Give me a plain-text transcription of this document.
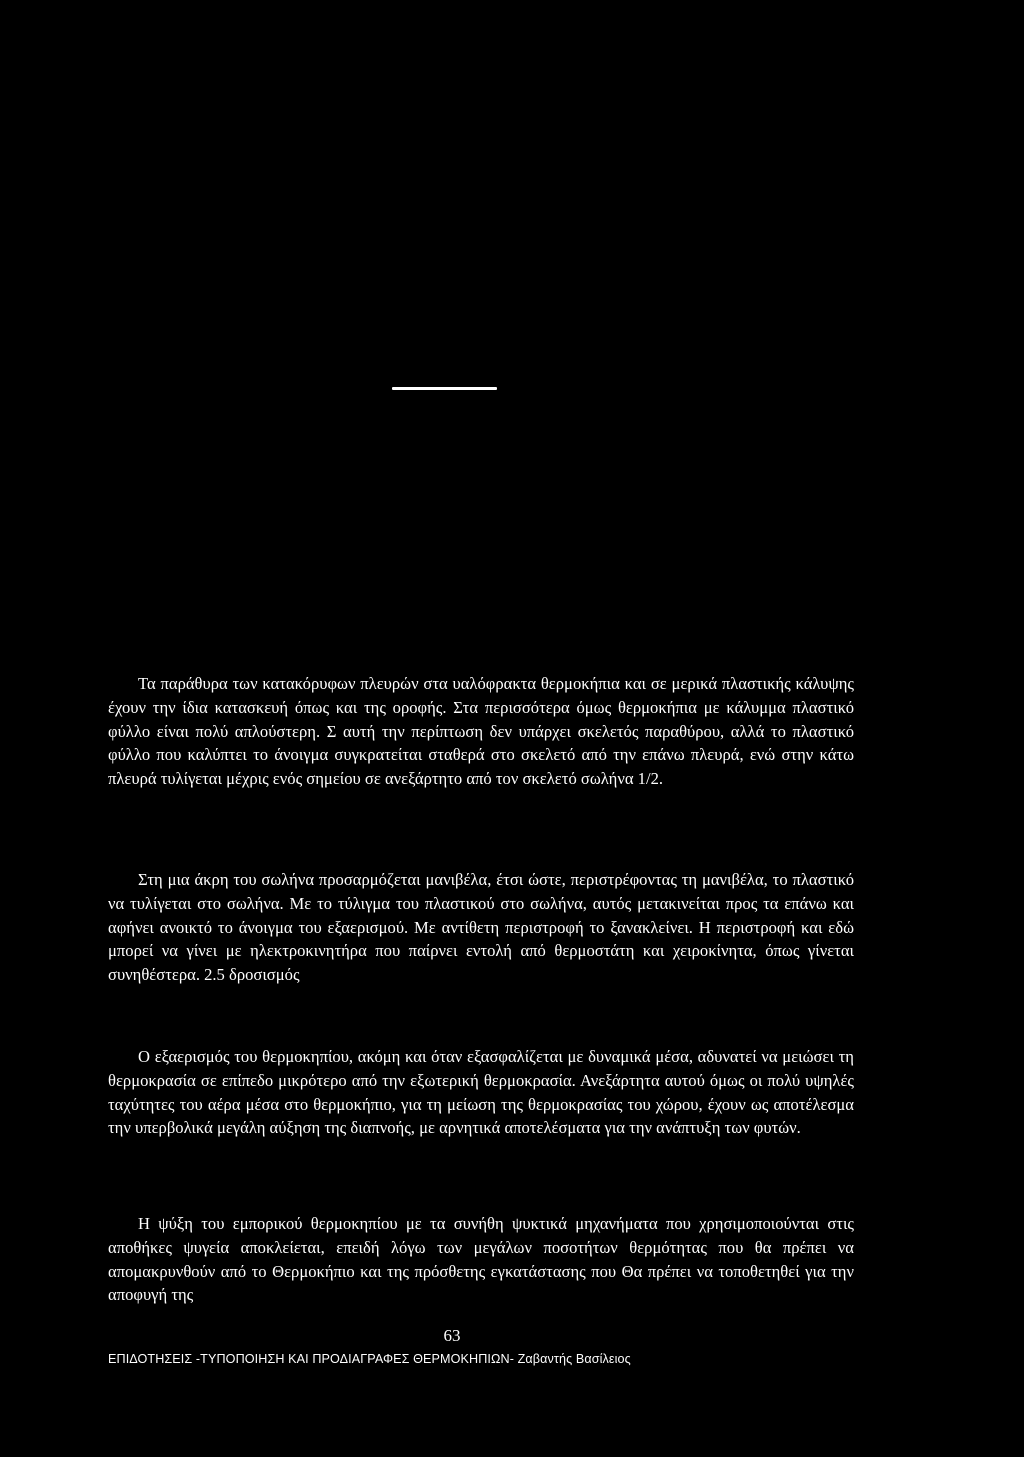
Τα παράθυρα των κατακόρυφων πλευρών στα υαλόφρακτα θερμοκήπια και σε μερικά πλαστικής κάλυψης έχουν την ίδια κατασκευή όπως και της οροφής. Στα περισσότερα όμως θερμοκήπια με κάλυμμα πλαστικό φύλλο είναι πολύ απλούστερη. Σ αυτή την περίπτωση δεν υπάρχει σκελετός παραθύρου, αλλά το πλαστικό φύλλο που καλύπτει το άνοιγμα συγκρατείται σταθερά στο σκελετό από την επάνω πλευρά, ενώ στην κάτω πλευρά τυλίγεται μέχρις ενός σημείου σε ανεξάρτητο από τον σκελετό σωλήνα 1/2.

Στη μια άκρη του σωλήνα προσαρμόζεται μανιβέλα, έτσι ώστε, περιστρέφοντας τη μανιβέλα, το πλαστικό να τυλίγεται στο σωλήνα. Με το τύλιγμα του πλαστικού στο σωλήνα, αυτός μετακινείται προς τα επάνω και αφήνει ανοικτό το άνοιγμα του εξαερισμού. Με αντίθετη περιστροφή το ξανακλείνει. Η περιστροφή και εδώ μπορεί να γίνει με ηλεκτροκινητήρα που παίρνει εντολή από θερμοστάτη και χειροκίνητα, όπως γίνεται συνηθέστερα. 2.5 δροσισμός

Ο εξαερισμός του θερμοκηπίου, ακόμη και όταν εξασφαλίζεται με δυναμικά μέσα, αδυνατεί να μειώσει τη θερμοκρασία σε επίπεδο μικρότερο από την εξωτερική θερμοκρασία. Ανεξάρτητα αυτού όμως οι πολύ υψηλές ταχύτητες του αέρα μέσα στο θερμοκήπιο, για τη μείωση της θερμοκρασίας του χώρου, έχουν ως αποτέλεσμα την υπερβολικά μεγάλη αύξηση της διαπνοής, με αρνητικά αποτελέσματα για την ανάπτυξη των φυτών.

Η ψύξη του εμπορικού θερμοκηπίου με τα συνήθη ψυκτικά μηχανήματα που χρησιμοποιούνται στις αποθήκες ψυγεία αποκλείεται, επειδή λόγω των μεγάλων ποσοτήτων θερμότητας που θα πρέπει να απομακρυνθούν από το Θερμοκήπιο και της πρόσθετης εγκατάστασης που Θα πρέπει να τοποθετηθεί για την αποφυγή της

63
ΕΠΙΔΟΤΗΣΕΙΣ -ΤΥΠΟΠΟΙΗΣΗ ΚΑΙ ΠΡΟΔΙΑΓΡΑΦΕΣ ΘΕΡΜΟΚΗΠΙΩΝ- Ζαβαντής Βασίλειος
